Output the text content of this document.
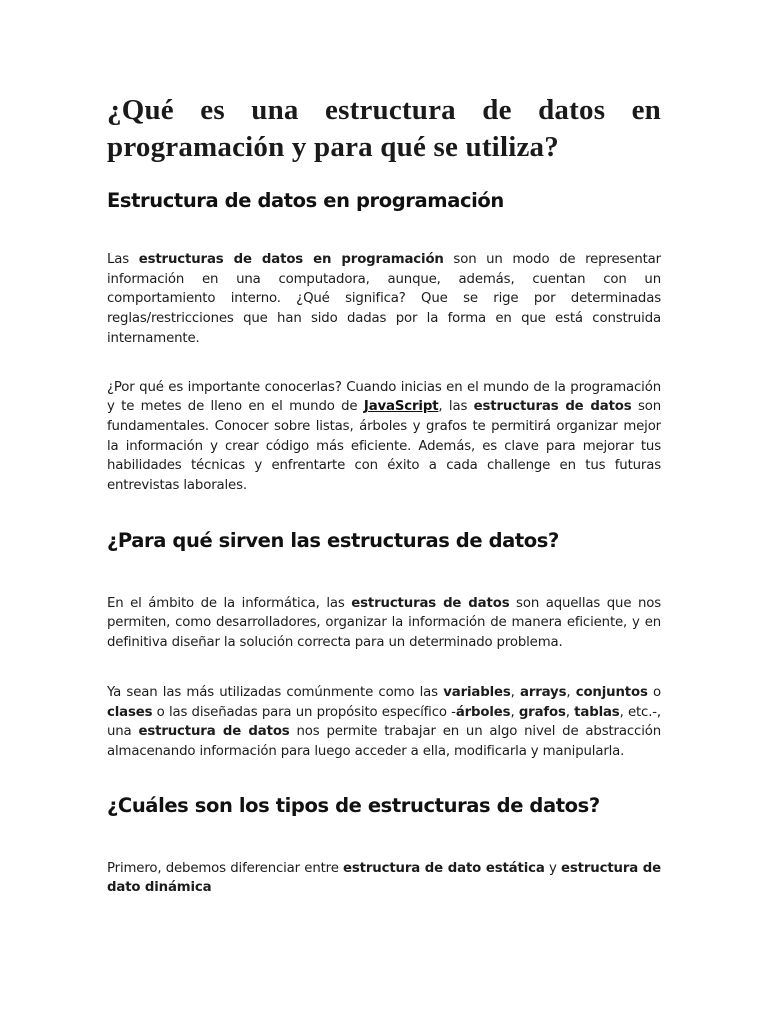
¿Qué es una estructura de datos en programación y para qué se utiliza?
Estructura de datos en programación

Las estructuras de datos en programación son un modo de representar información en una computadora, aunque, además, cuentan con un comportamiento interno. ¿Qué significa? Que se rige por determinadas reglas/restricciones que han sido dadas por la forma en que está construida internamente.

¿Por qué es importante conocerlas? Cuando inicias en el mundo de la programación y te metes de lleno en el mundo de JavaScript, las estructuras de datos son fundamentales. Conocer sobre listas, árboles y grafos te permitirá organizar mejor la información y crear código más eficiente. Además, es clave para mejorar tus habilidades técnicas y enfrentarte con éxito a cada challenge en tus futuras entrevistas laborales.

¿Para qué sirven las estructuras de datos?

En el ámbito de la informática, las estructuras de datos son aquellas que nos permiten, como desarrolladores, organizar la información de manera eficiente, y en definitiva diseñar la solución correcta para un determinado problema.

Ya sean las más utilizadas comúnmente como las variables, arrays, conjuntos o clases o las diseñadas para un propósito específico -árboles, grafos, tablas, etc.-, una estructura de datos nos permite trabajar en un algo nivel de abstracción almacenando información para luego acceder a ella, modificarla y manipularla.

¿Cuáles son los tipos de estructuras de datos?

Primero, debemos diferenciar entre estructura de dato estática y estructura de dato dinámica
